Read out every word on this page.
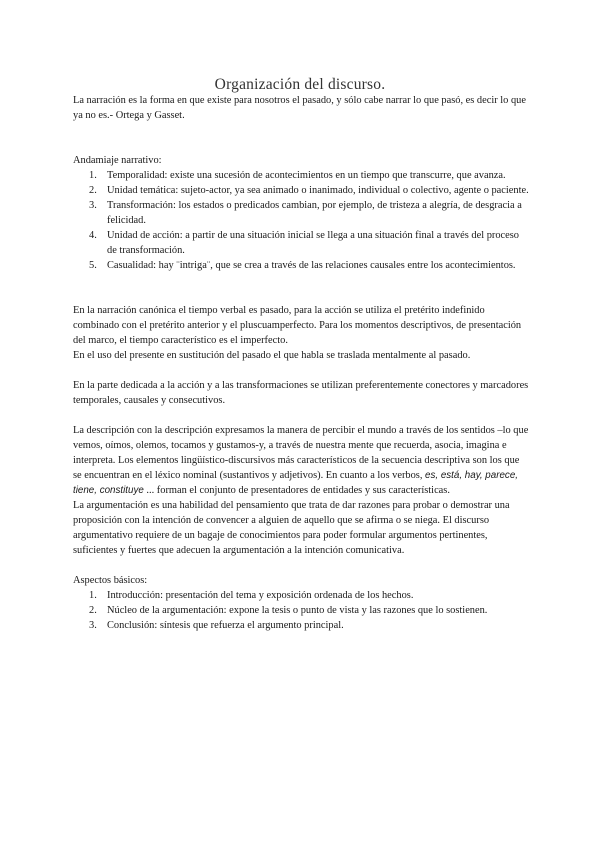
Organización del discurso.

La narración es la forma en que existe para nosotros el pasado, y sólo cabe narrar lo que pasó, es decir lo que ya no es.- Ortega y Gasset.

Andamiaje narrativo:

1. Temporalidad: existe una sucesión de acontecimientos en un tiempo que transcurre, que avanza.
2. Unidad temática: sujeto-actor, ya sea animado o inanimado, individual o colectivo, agente o paciente.
3. Transformación: los estados o predicados cambian, por ejemplo, de tristeza a alegría, de desgracia a felicidad.
4. Unidad de acción: a partir de una situación inicial se llega a una situación final a través del proceso de transformación.
5. Casualidad: hay ¨intriga¨, que se crea a través de las relaciones causales entre los acontecimientos.

En la narración canónica el tiempo verbal es pasado, para la acción se utiliza el pretérito indefinido combinado con el pretérito anterior y el pluscuamperfecto. Para los momentos descriptivos, de presentación del marco, el tiempo característico es el imperfecto.

En el uso del presente en sustitución del pasado el que habla se traslada mentalmente al pasado.

En la parte dedicada a la acción y a las transformaciones se utilizan preferentemente conectores y marcadores temporales, causales y consecutivos.

La descripción con la descripción expresamos la manera de percibir el mundo a través de los sentidos –lo que vemos, oímos, olemos, tocamos y gustamos-y, a través de nuestra mente que recuerda, asocia, imagina e interpreta. Los elementos lingüístico-discursivos más característicos de la secuencia descriptiva son los que se encuentran en el léxico nominal (sustantivos y adjetivos). En cuanto a los verbos, es, está, hay, parece, tiene, constituye ... forman el conjunto de presentadores de entidades y sus características.

La argumentación es una habilidad del pensamiento que trata de dar razones para probar o demostrar una proposición con la intención de convencer a alguien de aquello que se afirma o se niega. El discurso argumentativo requiere de un bagaje de conocimientos para poder formular argumentos pertinentes, suficientes y fuertes que adecuen la argumentación a la intención comunicativa.

Aspectos básicos:

1. Introducción: presentación del tema y exposición ordenada de los hechos.
2. Núcleo de la argumentación: expone la tesis o punto de vista y las razones que lo sostienen.
3. Conclusión: síntesis que refuerza el argumento principal.
